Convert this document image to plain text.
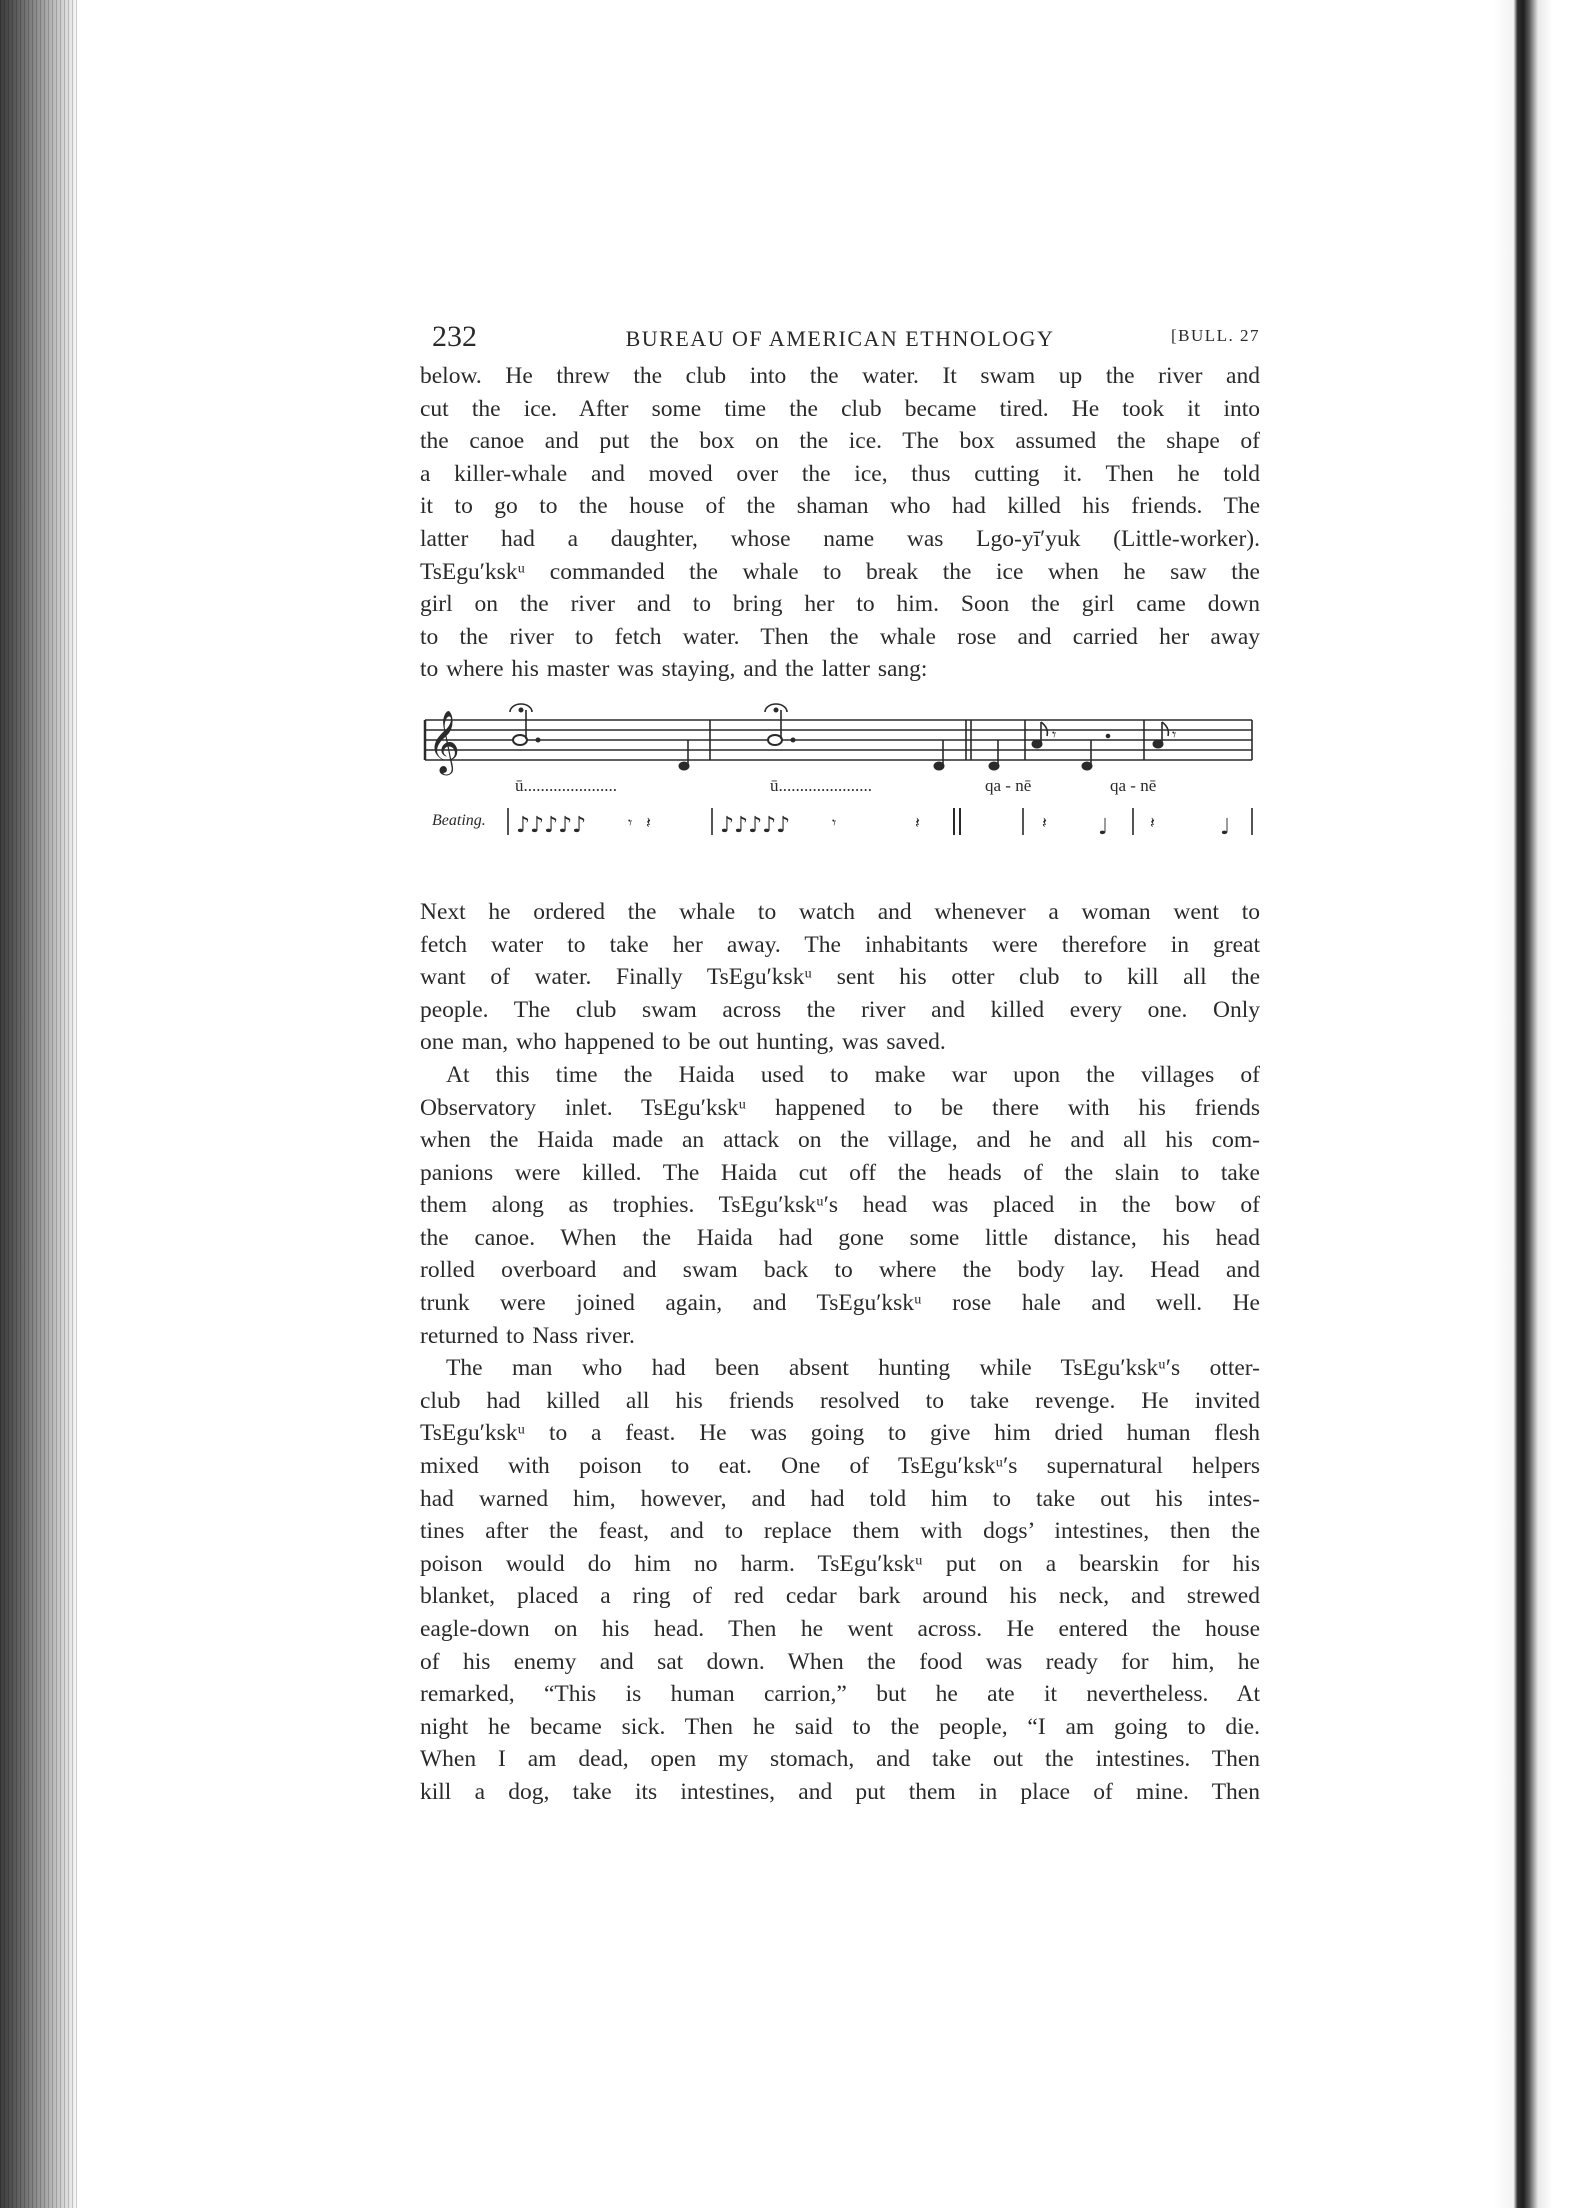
232	BUREAU OF AMERICAN ETHNOLOGY	[BULL. 27

below. He threw the club into the water. It swam up the river and

cut the ice. After some time the club became tired. He took it into

the canoe and put the box on the ice. The box assumed the shape of

a killer-whale and moved over the ice, thus cutting it. Then he told

it to go to the house of the shaman who had killed his friends. The

latter had a daughter, whose name was Lgo-yī′yuk (Little-worker).

TsEgu′kskᵘ commanded the whale to break the ice when he saw the

girl on the river and to bring her to him. Soon the girl came down

to the river to fetch water. Then the whale rose and carried her away

to where his master was staying, and the latter sang:

𝄞	𝄾	𝄾
♪♪♪♪♪	𝄾 𝄽	♪♪♪♪♪	𝄾	𝄽	𝄽 ♩	𝄽	♩
ū......................	ū......................	qa - nē	qa - nē
Beating.

Next he ordered the whale to watch and whenever a woman went to

fetch water to take her away. The inhabitants were therefore in great

want of water. Finally TsEgu′kskᵘ sent his otter club to kill all the

people. The club swam across the river and killed every one. Only

one man, who happened to be out hunting, was saved.

At this time the Haida used to make war upon the villages of

Observatory inlet. TsEgu′kskᵘ happened to be there with his friends

when the Haida made an attack on the village, and he and all his com-

panions were killed. The Haida cut off the heads of the slain to take

them along as trophies. TsEgu′kskᵘ′s head was placed in the bow of

the canoe. When the Haida had gone some little distance, his head

rolled overboard and swam back to where the body lay. Head and

trunk were joined again, and TsEgu′kskᵘ rose hale and well. He

returned to Nass river.

The man who had been absent hunting while TsEgu′kskᵘ′s otter-

club had killed all his friends resolved to take revenge. He invited

TsEgu′kskᵘ to a feast. He was going to give him dried human flesh

mixed with poison to eat. One of TsEgu′kskᵘ′s supernatural helpers

had warned him, however, and had told him to take out his intes-

tines after the feast, and to replace them with dogs’ intestines, then the

poison would do him no harm. TsEgu′kskᵘ put on a bearskin for his

blanket, placed a ring of red cedar bark around his neck, and strewed

eagle-down on his head. Then he went across. He entered the house

of his enemy and sat down. When the food was ready for him, he

remarked, “This is human carrion,” but he ate it nevertheless. At

night he became sick. Then he said to the people, “I am going to die.

When I am dead, open my stomach, and take out the intestines. Then

kill a dog, take its intestines, and put them in place of mine. Then
